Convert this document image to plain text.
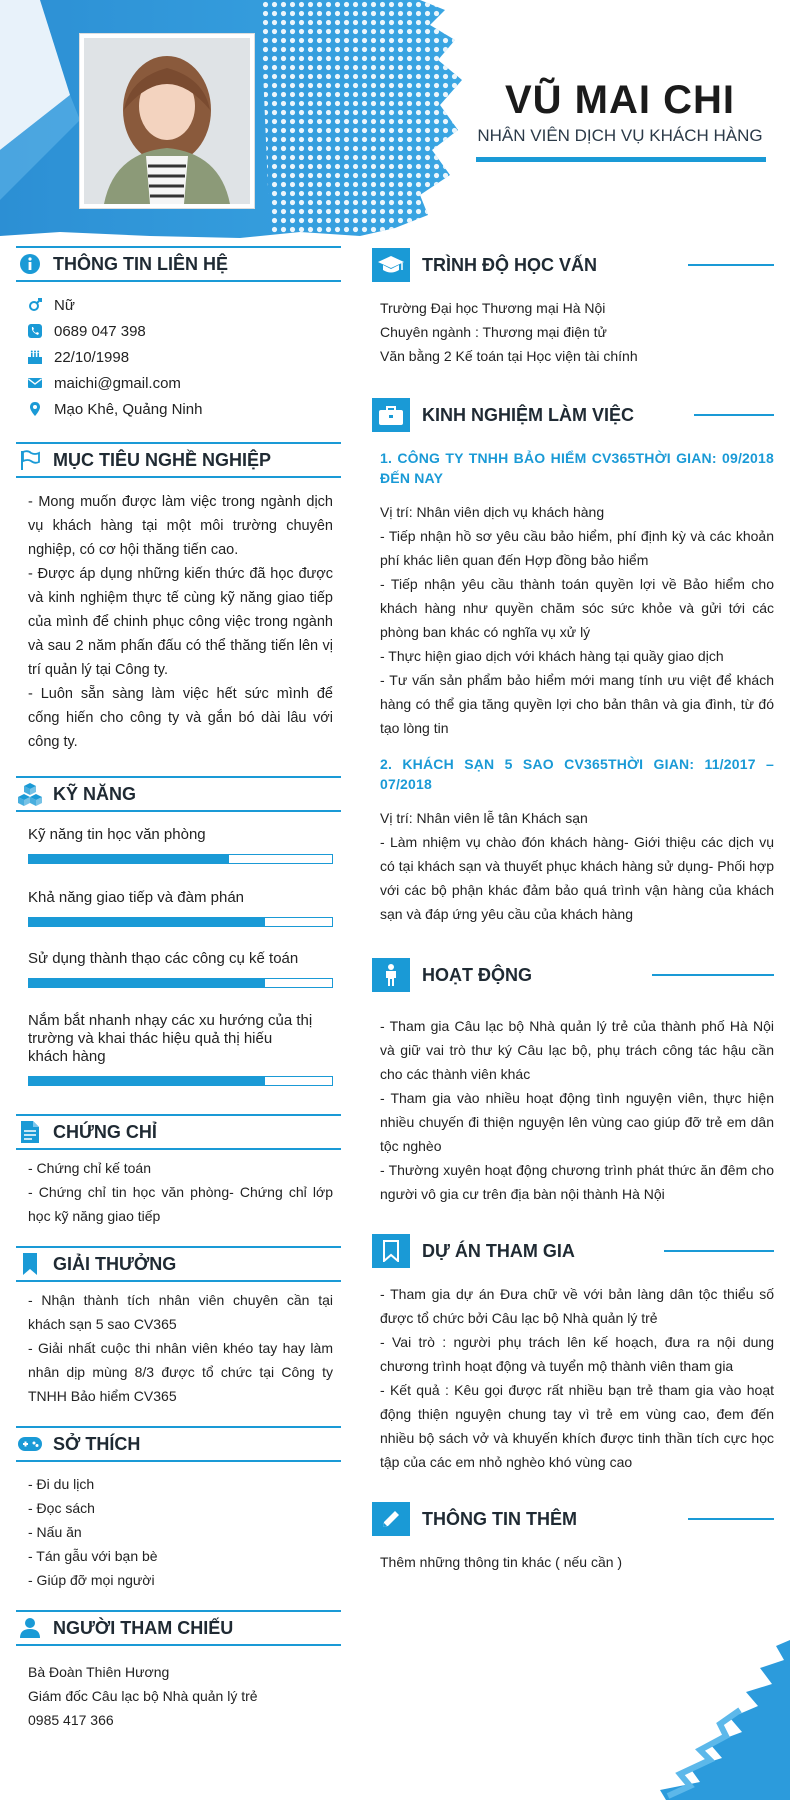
VŨ MAI CHI
NHÂN VIÊN DỊCH VỤ KHÁCH HÀNG
THÔNG TIN LIÊN HỆ
Nữ
0689 047 398
22/10/1998
maichi@gmail.com
Mạo Khê, Quảng Ninh
MỤC TIÊU NGHỀ NGHIỆP
- Mong muốn được làm việc trong ngành dịch vụ khách hàng tại một môi trường chuyên nghiệp, có cơ hội thăng tiến cao.
- Được áp dụng những kiến thức đã học được và kinh nghiệm thực tế cùng kỹ năng giao tiếp của mình để chinh phục công việc trong ngành và sau 2 năm phấn đấu có thể thăng tiến lên vị trí quản lý tại Công ty.
- Luôn sẵn sàng làm việc hết sức mình để cống hiến cho công ty và gắn bó dài lâu với công ty.
KỸ NĂNG
Kỹ năng tin học văn phòng
Khả năng giao tiếp và đàm phán
Sử dụng thành thạo các công cụ kế toán
Nắm bắt nhanh nhạy các xu hướng của thị trường và khai thác hiệu quả thị hiếu khách hàng
CHỨNG CHỈ
- Chứng chỉ kế toán
- Chứng chỉ tin học văn phòng- Chứng chỉ lớp học kỹ năng giao tiếp
GIẢI THƯỞNG
- Nhận thành tích nhân viên chuyên cần tại khách sạn 5 sao CV365
- Giải nhất cuộc thi nhân viên khéo tay hay làm nhân dịp mùng 8/3 được tổ chức tại Công ty TNHH Bảo hiểm CV365
SỞ THÍCH
- Đi du lịch
- Đọc sách
- Nấu ăn
- Tán gẫu với bạn bè
- Giúp đỡ mọi người
NGƯỜI THAM CHIẾU
Bà Đoàn Thiên Hương
Giám đốc Câu lạc bộ Nhà quản lý trẻ
0985 417 366
TRÌNH ĐỘ HỌC VẤN
Trường Đại học Thương mại Hà Nội
Chuyên ngành : Thương mại điện tử
Văn bằng 2 Kế toán tại Học viện tài chính
KINH NGHIỆM LÀM VIỆC
1. CÔNG TY TNHH BẢO HIỂM CV365THỜI GIAN: 09/2018 ĐẾN NAY
Vị trí: Nhân viên dịch vụ khách hàng
- Tiếp nhận hồ sơ yêu cầu bảo hiểm, phí định kỳ và các khoản phí khác liên quan đến Hợp đồng bảo hiểm
- Tiếp nhận yêu cầu thành toán quyền lợi về Bảo hiểm cho khách hàng như quyền chăm sóc sức khỏe và gửi tới các phòng ban khác có nghĩa vụ xử lý
- Thực hiện giao dịch với khách hàng tại quầy giao dịch
- Tư vấn sản phẩm bảo hiểm mới mang tính ưu việt để khách hàng có thể gia tăng quyền lợi cho bản thân và gia đình, từ đó tạo lòng tin
2. KHÁCH SẠN 5 SAO CV365THỜI GIAN: 11/2017 – 07/2018
Vị trí: Nhân viên lễ tân Khách sạn
- Làm nhiệm vụ chào đón khách hàng- Giới thiệu các dịch vụ có tại khách sạn và thuyết phục khách hàng sử dụng- Phối hợp với các bộ phận khác đảm bảo quá trình vận hàng của khách sạn và đáp ứng yêu cầu của khách hàng
HOẠT ĐỘNG
- Tham gia Câu lạc bộ Nhà quản lý trẻ của thành phố Hà Nội và giữ vai trò thư ký Câu lạc bộ, phụ trách công tác hậu cần cho các thành viên khác
- Tham gia vào nhiều hoạt động tình nguyện viên, thực hiện nhiều chuyến đi thiện nguyện lên vùng cao giúp đỡ trẻ em dân tộc nghèo
- Thường xuyên hoạt động chương trình phát thức ăn đêm cho người vô gia cư trên địa bàn nội thành Hà Nội
DỰ ÁN THAM GIA
- Tham gia dự án Đưa chữ về với bản làng dân tộc thiểu số được tổ chức bởi Câu lạc bộ Nhà quản lý trẻ
- Vai trò : người phụ trách lên kế hoạch, đưa ra nội dung chương trình hoạt động và tuyển mộ thành viên tham gia
- Kết quả : Kêu gọi được rất nhiều bạn trẻ tham gia vào hoạt động thiện nguyện chung tay vì trẻ em vùng cao, đem đến nhiều bộ sách vở và khuyến khích được tinh thần tích cực học tập của các em nhỏ nghèo khó vùng cao
THÔNG TIN THÊM
Thêm những thông tin khác ( nếu cần )
